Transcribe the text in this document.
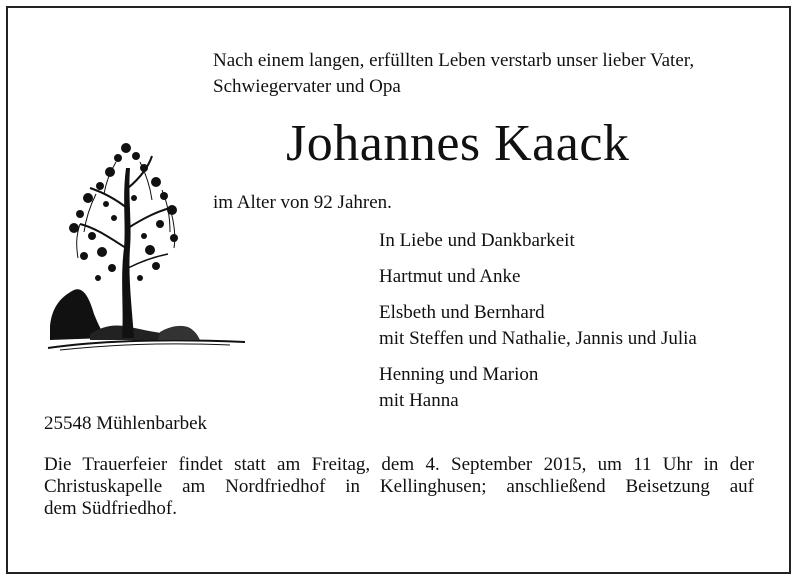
Nach einem langen, erfüllten Leben verstarb unser lieber Vater,
Schwiegervater und Opa
Johannes Kaack
im Alter von 92 Jahren.
In Liebe und Dankbarkeit
Hartmut und Anke
Elsbeth und Bernhard
mit Steffen und Nathalie, Jannis und Julia
Henning und Marion
mit Hanna
25548 Mühlenbarbek
Die Trauerfeier findet statt am Freitag, dem 4. September 2015, um 11 Uhr in der
Christuskapelle am Nordfriedhof in Kellinghusen; anschließend Beisetzung auf
dem Südfriedhof.
